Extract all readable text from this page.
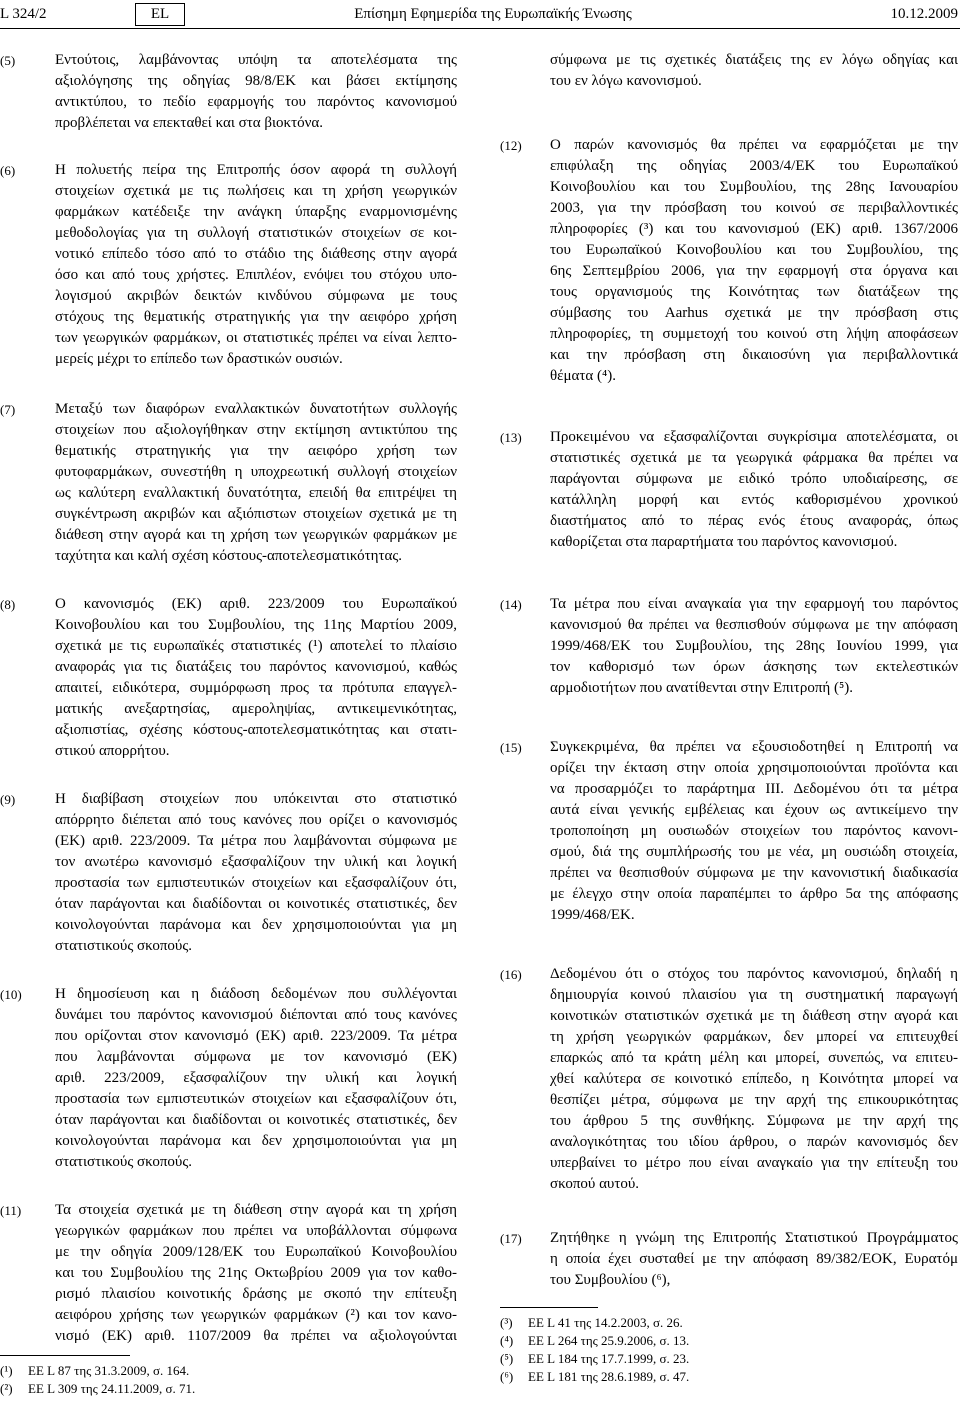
L 324/2	EL	Επίσημη Εφημερίδα της Ευρωπαϊκής Ένωσης	10.12.2009
(5)	Εντούτοις, λαμβάνοντας υπόψη τα αποτελέσματα της
αξιολόγησης της οδηγίας 98/8/ΕΚ και βάσει εκτίμησης
αντικτύπου, το πεδίο εφαρμογής του παρόντος κανονισμού
προβλέπεται να επεκταθεί και στα βιοκτόνα.
(6)	Η πολυετής πείρα της Επιτροπής όσον αφορά τη συλλογή
στοιχείων σχετικά με τις πωλήσεις και τη χρήση γεωργικών
φαρμάκων κατέδειξε την ανάγκη ύπαρξης εναρμονισμένης
μεθοδολογίας για τη συλλογή στατιστικών στοιχείων σε κοι-
νοτικό επίπεδο τόσο από το στάδιο της διάθεσης στην αγορά
όσο και από τους χρήστες. Επιπλέον, ενόψει του στόχου υπο-
λογισμού ακριβών δεικτών κινδύνου σύμφωνα με τους
στόχους της θεματικής στρατηγικής για την αειφόρο χρήση
των γεωργικών φαρμάκων, οι στατιστικές πρέπει να είναι λεπτο-
μερείς μέχρι το επίπεδο των δραστικών ουσιών.
(7)	Μεταξύ των διαφόρων εναλλακτικών δυνατοτήτων συλλογής
στοιχείων που αξιολογήθηκαν στην εκτίμηση αντικτύπου της
θεματικής στρατηγικής για την αειφόρο χρήση των
φυτοφαρμάκων, συνεστήθη η υποχρεωτική συλλογή στοιχείων
ως καλύτερη εναλλακτική δυνατότητα, επειδή θα επιτρέψει τη
συγκέντρωση ακριβών και αξιόπιστων στοιχείων σχετικά με τη
διάθεση στην αγορά και τη χρήση των γεωργικών φαρμάκων με
ταχύτητα και καλή σχέση κόστους-αποτελεσματικότητας.
(8)	Ο κανονισμός (ΕΚ) αριθ. 223/2009 του Ευρωπαϊκού
Κοινοβουλίου και του Συμβουλίου, της 11ης Μαρτίου 2009,
σχετικά με τις ευρωπαϊκές στατιστικές (¹) αποτελεί το πλαίσιο
αναφοράς για τις διατάξεις του παρόντος κανονισμού, καθώς
απαιτεί, ειδικότερα, συμμόρφωση προς τα πρότυπα επαγγελ-
ματικής ανεξαρτησίας, αμεροληψίας, αντικειμενικότητας,
αξιοπιστίας, σχέσης κόστους-αποτελεσματικότητας και στατι-
στικού απορρήτου.
(9)	Η διαβίβαση στοιχείων που υπόκεινται στο στατιστικό
απόρρητο διέπεται από τους κανόνες που ορίζει ο κανονισμός
(ΕΚ) αριθ. 223/2009. Τα μέτρα που λαμβάνονται σύμφωνα με
τον ανωτέρω κανονισμό εξασφαλίζουν την υλική και λογική
προστασία των εμπιστευτικών στοιχείων και εξασφαλίζουν ότι,
όταν παράγονται και διαδίδονται οι κοινοτικές στατιστικές, δεν
κοινολογούνται παράνομα και δεν χρησιμοποιούνται για μη
στατιστικούς σκοπούς.
(10) Η δημοσίευση και η διάδοση δεδομένων που συλλέγονται
δυνάμει του παρόντος κανονισμού διέπονται από τους κανόνες
που ορίζονται στον κανονισμό (ΕΚ) αριθ. 223/2009. Τα μέτρα
που λαμβάνονται σύμφωνα με τον κανονισμό (ΕΚ)
αριθ. 223/2009, εξασφαλίζουν την υλική και λογική
προστασία των εμπιστευτικών στοιχείων και εξασφαλίζουν ότι,
όταν παράγονται και διαδίδονται οι κοινοτικές στατιστικές, δεν
κοινολογούνται παράνομα και δεν χρησιμοποιούνται για μη
στατιστικούς σκοπούς.
(11) Τα στοιχεία σχετικά με τη διάθεση στην αγορά και τη χρήση
γεωργικών φαρμάκων που πρέπει να υποβάλλονται σύμφωνα
με την οδηγία 2009/128/ΕΚ του Ευρωπαϊκού Κοινοβουλίου
και του Συμβουλίου της 21ης Οκτωβρίου 2009 για τον καθο-
ρισμό πλαισίου κοινοτικής δράσης με σκοπό την επίτευξη
αειφόρου χρήσης των γεωργικών φαρμάκων (²) και τον κανο-
νισμό (ΕΚ) αριθ. 1107/2009 θα πρέπει να αξιολογούνται
(¹) ΕΕ L 87 της 31.3.2009, σ. 164.
(²) ΕΕ L 309 της 24.11.2009, σ. 71.
σύμφωνα με τις σχετικές διατάξεις της εν λόγω οδηγίας και
του εν λόγω κανονισμού.
(12) Ο παρών κανονισμός θα πρέπει να εφαρμόζεται με την
επιφύλαξη της οδηγίας 2003/4/ΕΚ του Ευρωπαϊκού
Κοινοβουλίου και του Συμβουλίου, της 28ης Ιανουαρίου
2003, για την πρόσβαση του κοινού σε περιβαλλοντικές
πληροφορίες (³) και του κανονισμού (ΕΚ) αριθ. 1367/2006
του Ευρωπαϊκού Κοινοβουλίου και του Συμβουλίου, της
6ης Σεπτεμβρίου 2006, για την εφαρμογή στα όργανα και
τους οργανισμούς της Κοινότητας των διατάξεων της
σύμβασης του Aarhus σχετικά με την πρόσβαση στις
πληροφορίες, τη συμμετοχή του κοινού στη λήψη αποφάσεων
και την πρόσβαση στη δικαιοσύνη για περιβαλλοντικά
θέματα (⁴).
(13) Προκειμένου να εξασφαλίζονται συγκρίσιμα αποτελέσματα, οι
στατιστικές σχετικά με τα γεωργικά φάρμακα θα πρέπει να
παράγονται σύμφωνα με ειδικό τρόπο υποδιαίρεσης, σε
κατάλληλη μορφή και εντός καθορισμένου χρονικού
διαστήματος από το πέρας ενός έτους αναφοράς, όπως
καθορίζεται στα παραρτήματα του παρόντος κανονισμού.
(14) Τα μέτρα που είναι αναγκαία για την εφαρμογή του παρόντος
κανονισμού θα πρέπει να θεσπισθούν σύμφωνα με την απόφαση
1999/468/ΕΚ του Συμβουλίου, της 28ης Ιουνίου 1999, για
τον καθορισμό των όρων άσκησης των εκτελεστικών
αρμοδιοτήτων που ανατίθενται στην Επιτροπή (⁵).
(15) Συγκεκριμένα, θα πρέπει να εξουσιοδοτηθεί η Επιτροπή να
ορίζει την έκταση στην οποία χρησιμοποιούνται προϊόντα και
να προσαρμόζει το παράρτημα ΙΙΙ. Δεδομένου ότι τα μέτρα
αυτά είναι γενικής εμβέλειας και έχουν ως αντικείμενο την
τροποποίηση μη ουσιωδών στοιχείων του παρόντος κανονι-
σμού, διά της συμπλήρωσής του με νέα, μη ουσιώδη στοιχεία,
πρέπει να θεσπισθούν σύμφωνα με την κανονιστική διαδικασία
με έλεγχο στην οποία παραπέμπει το άρθρο 5α της απόφασης
1999/468/ΕΚ.
(16) Δεδομένου ότι ο στόχος του παρόντος κανονισμού, δηλαδή η
δημιουργία κοινού πλαισίου για τη συστηματική παραγωγή
κοινοτικών στατιστικών σχετικά με τη διάθεση στην αγορά και
τη χρήση γεωργικών φαρμάκων, δεν μπορεί να επιτευχθεί
επαρκώς από τα κράτη μέλη και μπορεί, συνεπώς, να επιτευ-
χθεί καλύτερα σε κοινοτικό επίπεδο, η Κοινότητα μπορεί να
θεσπίζει μέτρα, σύμφωνα με την αρχή της επικουρικότητας
του άρθρου 5 της συνθήκης. Σύμφωνα με την αρχή της
αναλογικότητας του ιδίου άρθρου, ο παρών κανονισμός δεν
υπερβαίνει το μέτρο που είναι αναγκαίο για την επίτευξη του
σκοπού αυτού.
(17) Ζητήθηκε η γνώμη της Επιτροπής Στατιστικού Προγράμματος
η οποία έχει συσταθεί με την απόφαση 89/382/ΕΟΚ, Ευρατόμ
του Συμβουλίου (⁶),
(³) ΕΕ L 41 της 14.2.2003, σ. 26.
(⁴) ΕΕ L 264 της 25.9.2006, σ. 13.
(⁵) ΕΕ L 184 της 17.7.1999, σ. 23.
(⁶) ΕΕ L 181 της 28.6.1989, σ. 47.
